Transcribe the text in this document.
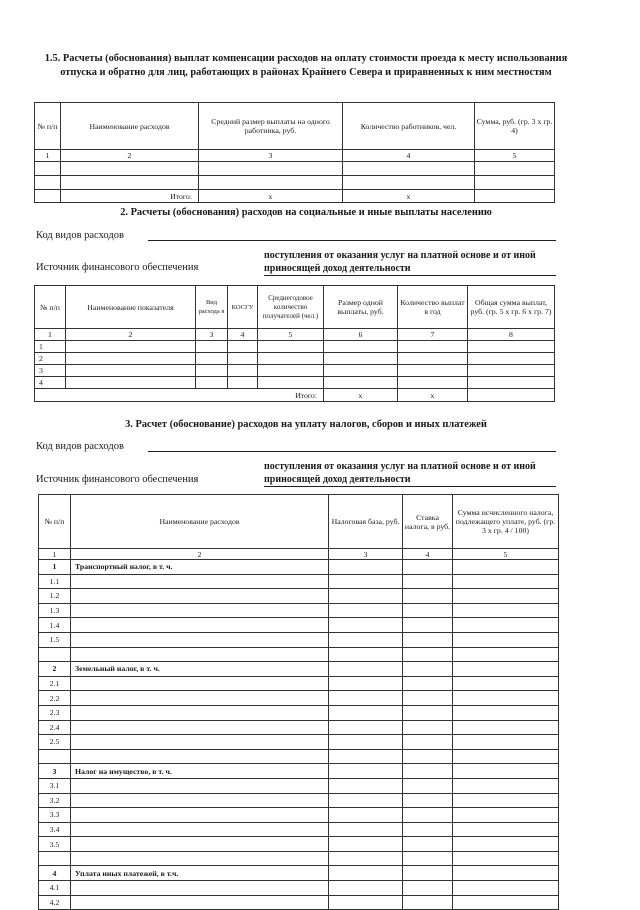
1.5. Расчеты (обоснования) выплат компенсации расходов на оплату стоимости проезда к месту использования отпуска и обратно для лиц, работающих в районах Крайнего Севера и приравненных к ним местностям
№ п/п	Наименование расходов	Средний размер выплаты на одного работника, руб.	Количество работников, чел.	Сумма, руб. (гр. 3 х гр. 4)
1	2	3	4	5

	Итого:	x	x	
2. Расчеты (обоснования) расходов на социальные и иные выплаты населению
Код видов расходов
поступления от оказания услуг на платной основе и от иной приносящей доход деятельности
Источник финансового обеспечения
№ п/п	Наименование показателя	Вид расхода в	КОСГУ	Среднегодовое количество получателей (чел.)	Размер одной выплаты, руб.	Количество выплат в год	Общая сумма выплат, руб. (гр. 5 х гр. 6 х гр. 7)
1	2	3	4	5	6	7	8
1							
2							
3							
4							
Итого:					x	x	
3. Расчет (обоснование) расходов на уплату налогов, сборов и иных платежей
Код видов расходов
поступления от оказания услуг на платной основе и от иной приносящей доход деятельности
Источник финансового обеспечения
№ п/п	Наименование расходов	Налоговая база, руб.	Ставка налога, в руб.	Сумма исчисленного налога, подлежащего уплате, руб. (гр. 3 х гр. 4 / 100)
1	2	3	4	5
1	Транспортный налог, в т. ч.			
1.1				
1.2				
1.3				
1.4				
1.5				

2	Земельный налог, в т. ч.			
2.1				
2.2				
2.3				
2.4				
2.5				

3	Налог на имущество, в т. ч.			
3.1				
3.2				
3.3				
3.4				
3.5				

4	Уплата иных платежей, в т.ч.			
4.1				
4.2				
